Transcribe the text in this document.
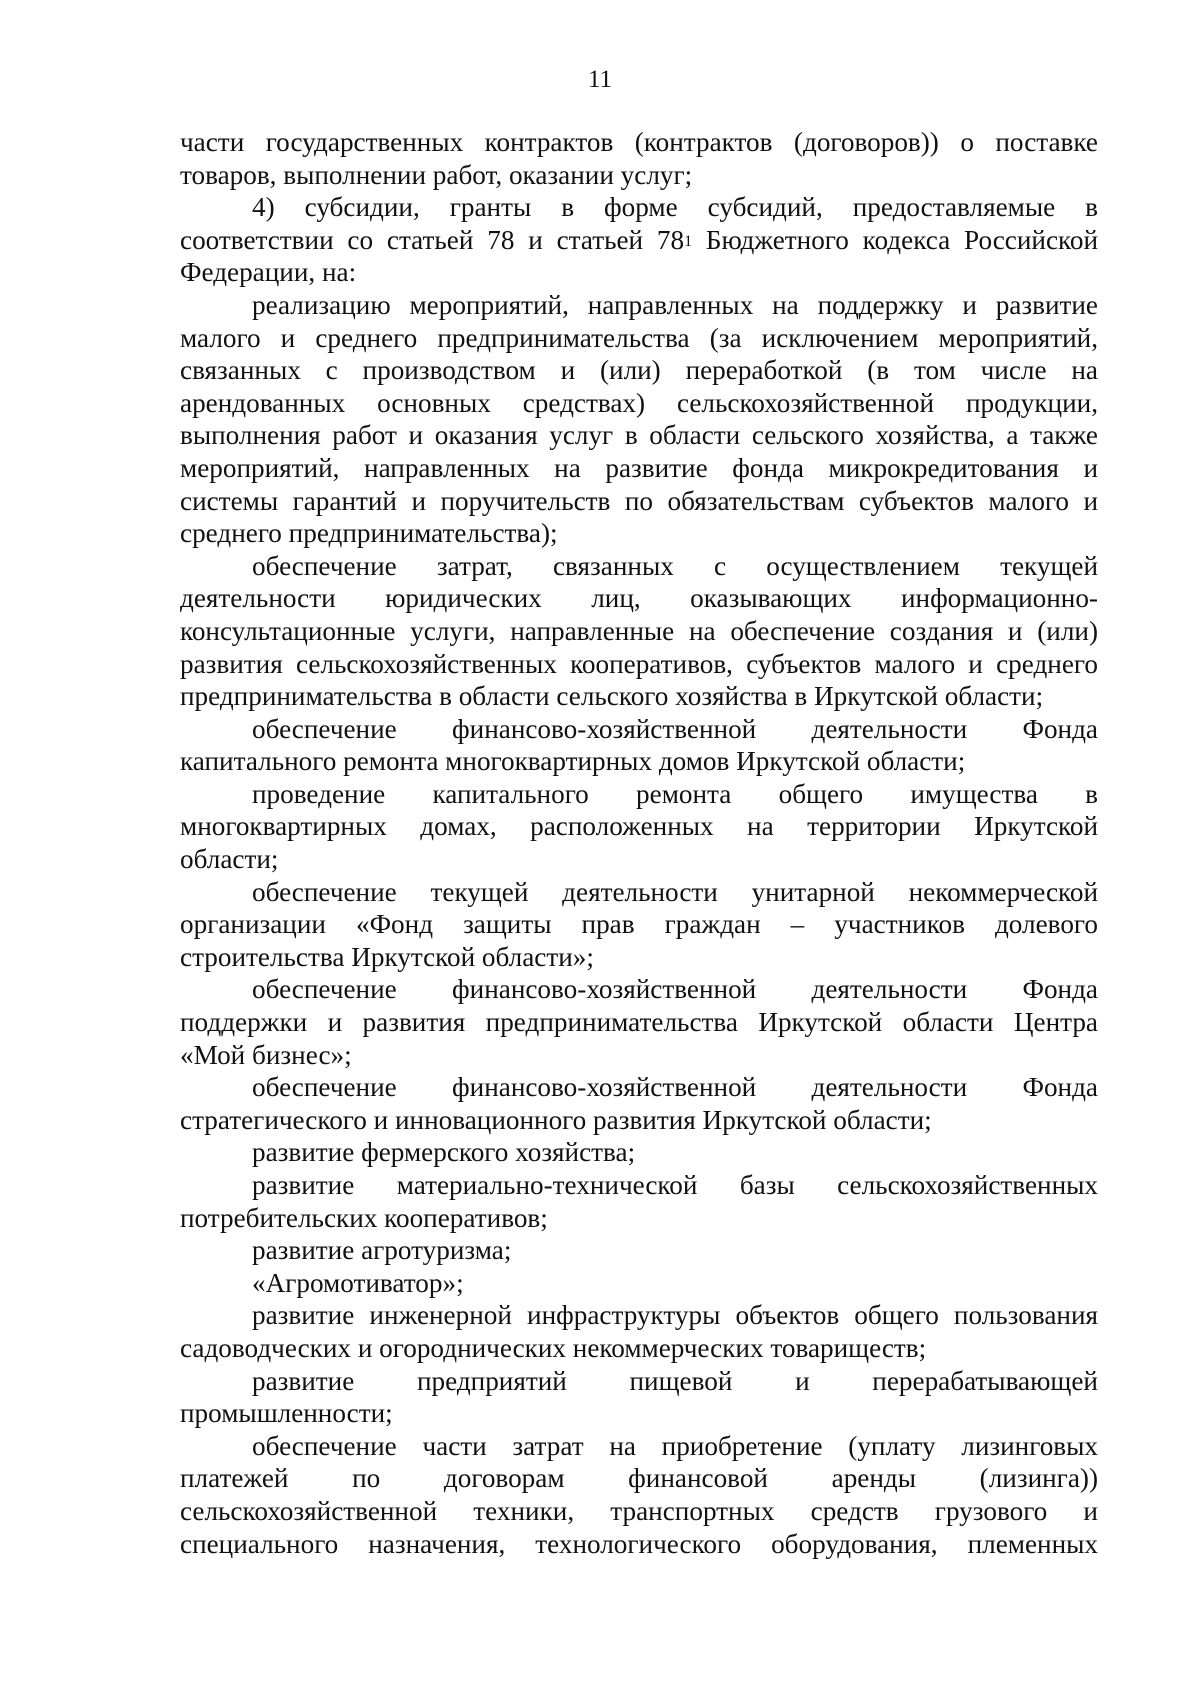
11

части государственных контрактов (контрактов (договоров)) о поставке
товаров, выполнении работ, оказании услуг;

4) субсидии, гранты в форме субсидий, предоставляемые в
соответствии со статьей 78 и статьей $78^1$ Бюджетного кодекса Российской
Федерации, на:

реализацию мероприятий, направленных на поддержку и развитие
малого и среднего предпринимательства (за исключением мероприятий,
связанных с производством и (или) переработкой (в том числе на
арендованных основных средствах) сельскохозяйственной продукции,
выполнения работ и оказания услуг в области сельского хозяйства, а также
мероприятий, направленных на развитие фонда микрокредитования и
системы гарантий и поручительств по обязательствам субъектов малого и
среднего предпринимательства);

обеспечение затрат, связанных с осуществлением текущей
деятельности юридических лиц, оказывающих информационно-
консультационные услуги, направленные на обеспечение создания и (или)
развития сельскохозяйственных кооперативов, субъектов малого и среднего
предпринимательства в области сельского хозяйства в Иркутской области;

обеспечение финансово-хозяйственной деятельности Фонда
капитального ремонта многоквартирных домов Иркутской области;

проведение капитального ремонта общего имущества в
многоквартирных домах, расположенных на территории Иркутской
области;

обеспечение текущей деятельности унитарной некоммерческой
организации «Фонд защиты прав граждан – участников долевого
строительства Иркутской области»;

обеспечение финансово-хозяйственной деятельности Фонда
поддержки и развития предпринимательства Иркутской области Центра
«Мой бизнес»;

обеспечение финансово-хозяйственной деятельности Фонда
стратегического и инновационного развития Иркутской области;

развитие фермерского хозяйства;

развитие материально-технической базы сельскохозяйственных
потребительских кооперативов;

развитие агротуризма;

«Агромотиватор»;

развитие инженерной инфраструктуры объектов общего пользования
садоводческих и огороднических некоммерческих товариществ;

развитие предприятий пищевой и перерабатывающей
промышленности;

обеспечение части затрат на приобретение (уплату лизинговых
платежей по договорам финансовой аренды (лизинга))
сельскохозяйственной техники, транспортных средств грузового и
специального назначения, технологического оборудования, племенных
